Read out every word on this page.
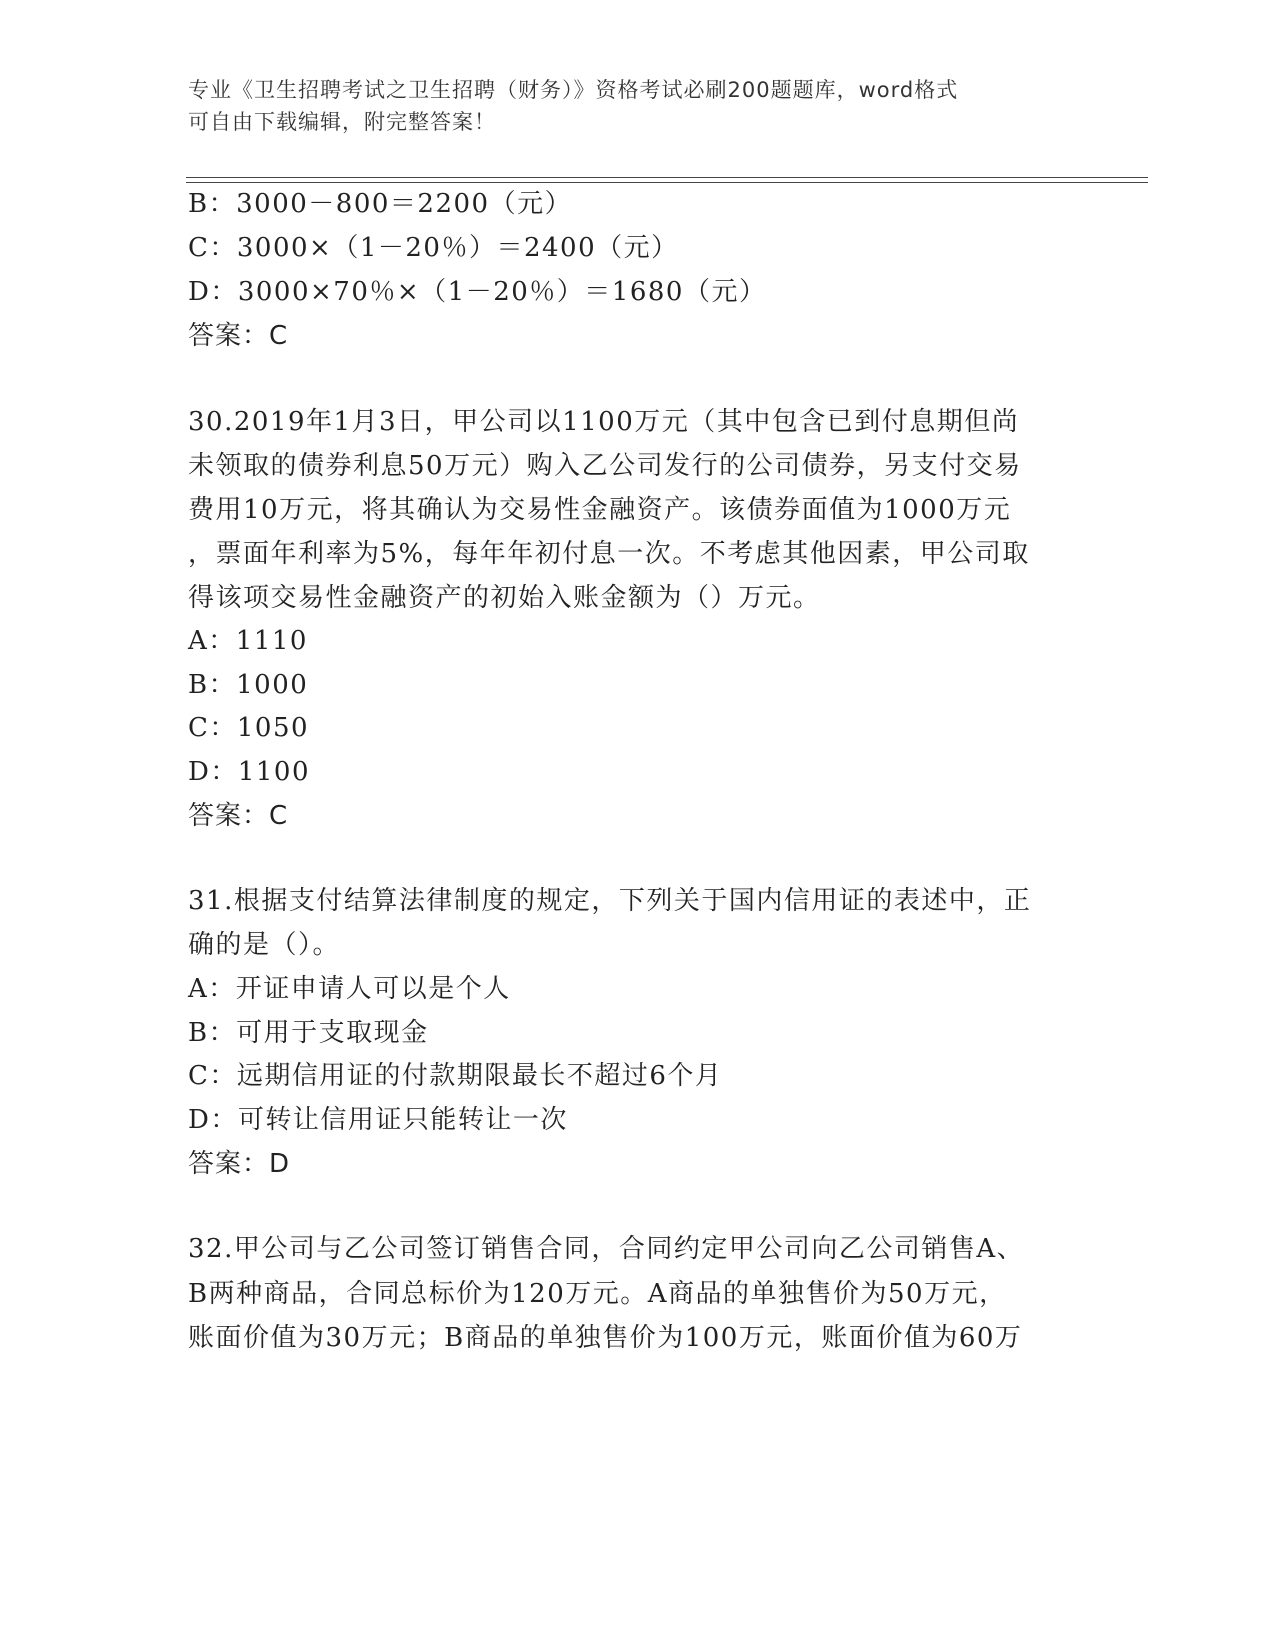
专业《卫生招聘考试之卫生招聘（财务）》资格考试必刷200题题库，word格式
可自由下载编辑，附完整答案！
B：3000－800＝2200（元）
C：3000×（1－20％）＝2400（元）
D：3000×70％×（1－20％）＝1680（元）
答案：C
30.2019年1月3日，甲公司以1100万元（其中包含已到付息期但尚
未领取的债券利息50万元）购入乙公司发行的公司债券，另支付交易
费用10万元，将其确认为交易性金融资产。该债券面值为1000万元
，票面年利率为5%，每年年初付息一次。不考虑其他因素，甲公司取
得该项交易性金融资产的初始入账金额为（）万元。
A：1110
B：1000
C：1050
D：1100
答案：C
31.根据支付结算法律制度的规定，下列关于国内信用证的表述中，正
确的是（）。
A：开证申请人可以是个人
B：可用于支取现金
C：远期信用证的付款期限最长不超过6个月
D：可转让信用证只能转让一次
答案：D
32.甲公司与乙公司签订销售合同，合同约定甲公司向乙公司销售A、
B两种商品，合同总标价为120万元。A商品的单独售价为50万元，
账面价值为30万元；B商品的单独售价为100万元，账面价值为60万
